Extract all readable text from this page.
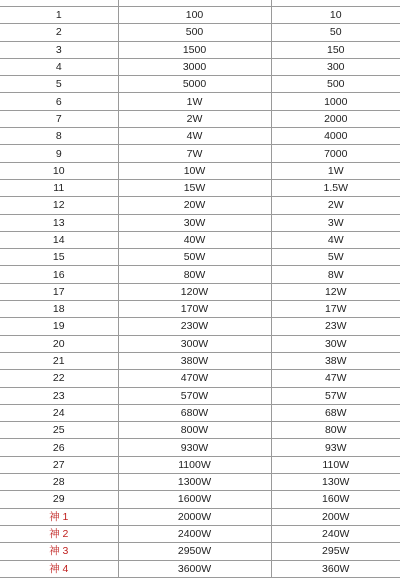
1	100	10
2	500	50
3	1500	150
4	3000	300
5	5000	500
6	1W	1000
7	2W	2000
8	4W	4000
9	7W	7000
10	10W	1W
11	15W	1.5W
12	20W	2W
13	30W	3W
14	40W	4W
15	50W	5W
16	80W	8W
17	120W	12W
18	170W	17W
19	230W	23W
20	300W	30W
21	380W	38W
22	470W	47W
23	570W	57W
24	680W	68W
25	800W	80W
26	930W	93W
27	1100W	110W
28	1300W	130W
29	1600W	160W
神 1	2000W	200W
神 2	2400W	240W
神 3	2950W	295W
神 4	3600W	360W
